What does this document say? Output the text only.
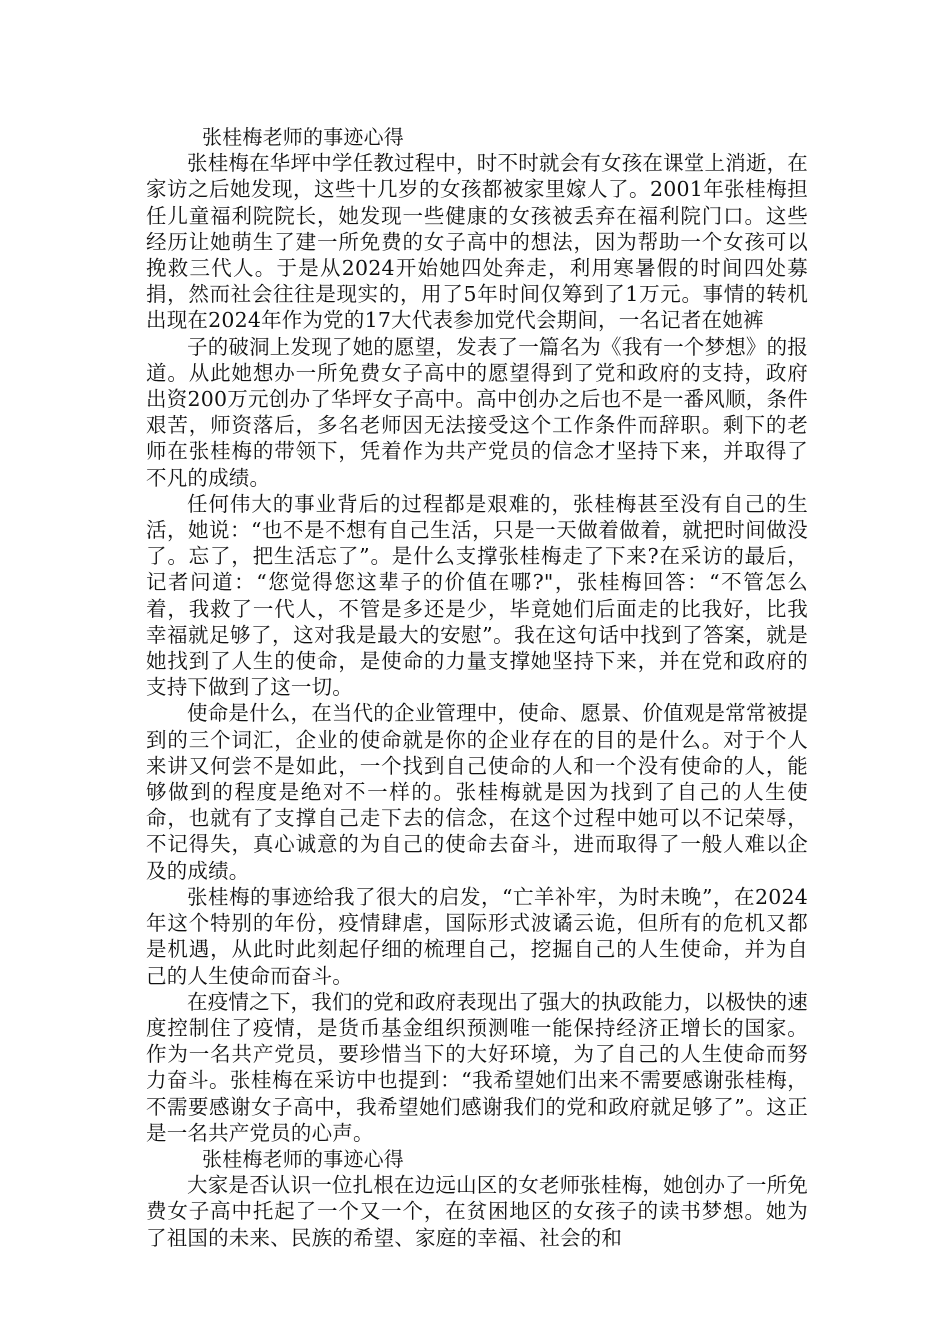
张桂梅老师的事迹心得

张桂梅在华坪中学任教过程中，时不时就会有女孩在课堂上消逝，在家访之后她发现，这些十几岁的女孩都被家里嫁人了。2001年张桂梅担任儿童福利院院长，她发现一些健康的女孩被丢弃在福利院门口。这些经历让她萌生了建一所免费的女子高中的想法，因为帮助一个女孩可以挽救三代人。于是从2024开始她四处奔走，利用寒暑假的时间四处募捐，然而社会往往是现实的，用了5年时间仅筹到了1万元。事情的转机出现在2024年作为党的17大代表参加党代会期间，一名记者在她裤

子的破洞上发现了她的愿望，发表了一篇名为《我有一个梦想》的报道。从此她想办一所免费女子高中的愿望得到了党和政府的支持，政府出资200万元创办了华坪女子高中。高中创办之后也不是一番风顺，条件艰苦，师资落后，多名老师因无法接受这个工作条件而辞职。剩下的老师在张桂梅的带领下，凭着作为共产党员的信念才坚持下来，并取得了不凡的成绩。

任何伟大的事业背后的过程都是艰难的，张桂梅甚至没有自己的生活，她说：“也不是不想有自己生活，只是一天做着做着，就把时间做没了。忘了，把生活忘了”。是什么支撑张桂梅走了下来?在采访的最后，记者问道：“您觉得您这辈子的价值在哪?"，张桂梅回答：“不管怎么着，我救了一代人，不管是多还是少，毕竟她们后面走的比我好，比我幸福就足够了，这对我是最大的安慰”。我在这句话中找到了答案，就是她找到了人生的使命，是使命的力量支撑她坚持下来，并在党和政府的支持下做到了这一切。

使命是什么，在当代的企业管理中，使命、愿景、价值观是常常被提到的三个词汇，企业的使命就是你的企业存在的目的是什么。对于个人来讲又何尝不是如此，一个找到自己使命的人和一个没有使命的人，能够做到的程度是绝对不一样的。张桂梅就是因为找到了自己的人生使命，也就有了支撑自己走下去的信念，在这个过程中她可以不记荣辱，不记得失，真心诚意的为自己的使命去奋斗，进而取得了一般人难以企及的成绩。

张桂梅的事迹给我了很大的启发，“亡羊补牢，为时未晚”，在2024年这个特别的年份，疫情肆虐，国际形式波谲云诡，但所有的危机又都是机遇，从此时此刻起仔细的梳理自己，挖掘自己的人生使命，并为自己的人生使命而奋斗。

在疫情之下，我们的党和政府表现出了强大的执政能力，以极快的速度控制住了疫情，是货币基金组织预测唯一能保持经济正增长的国家。作为一名共产党员，要珍惜当下的大好环境，为了自己的人生使命而努力奋斗。张桂梅在采访中也提到：“我希望她们出来不需要感谢张桂梅，不需要感谢女子高中，我希望她们感谢我们的党和政府就足够了”。这正是一名共产党员的心声。

张桂梅老师的事迹心得

大家是否认识一位扎根在边远山区的女老师张桂梅，她创办了一所免费女子高中托起了一个又一个，在贫困地区的女孩子的读书梦想。她为了祖国的未来、民族的希望、家庭的幸福、社会的和
